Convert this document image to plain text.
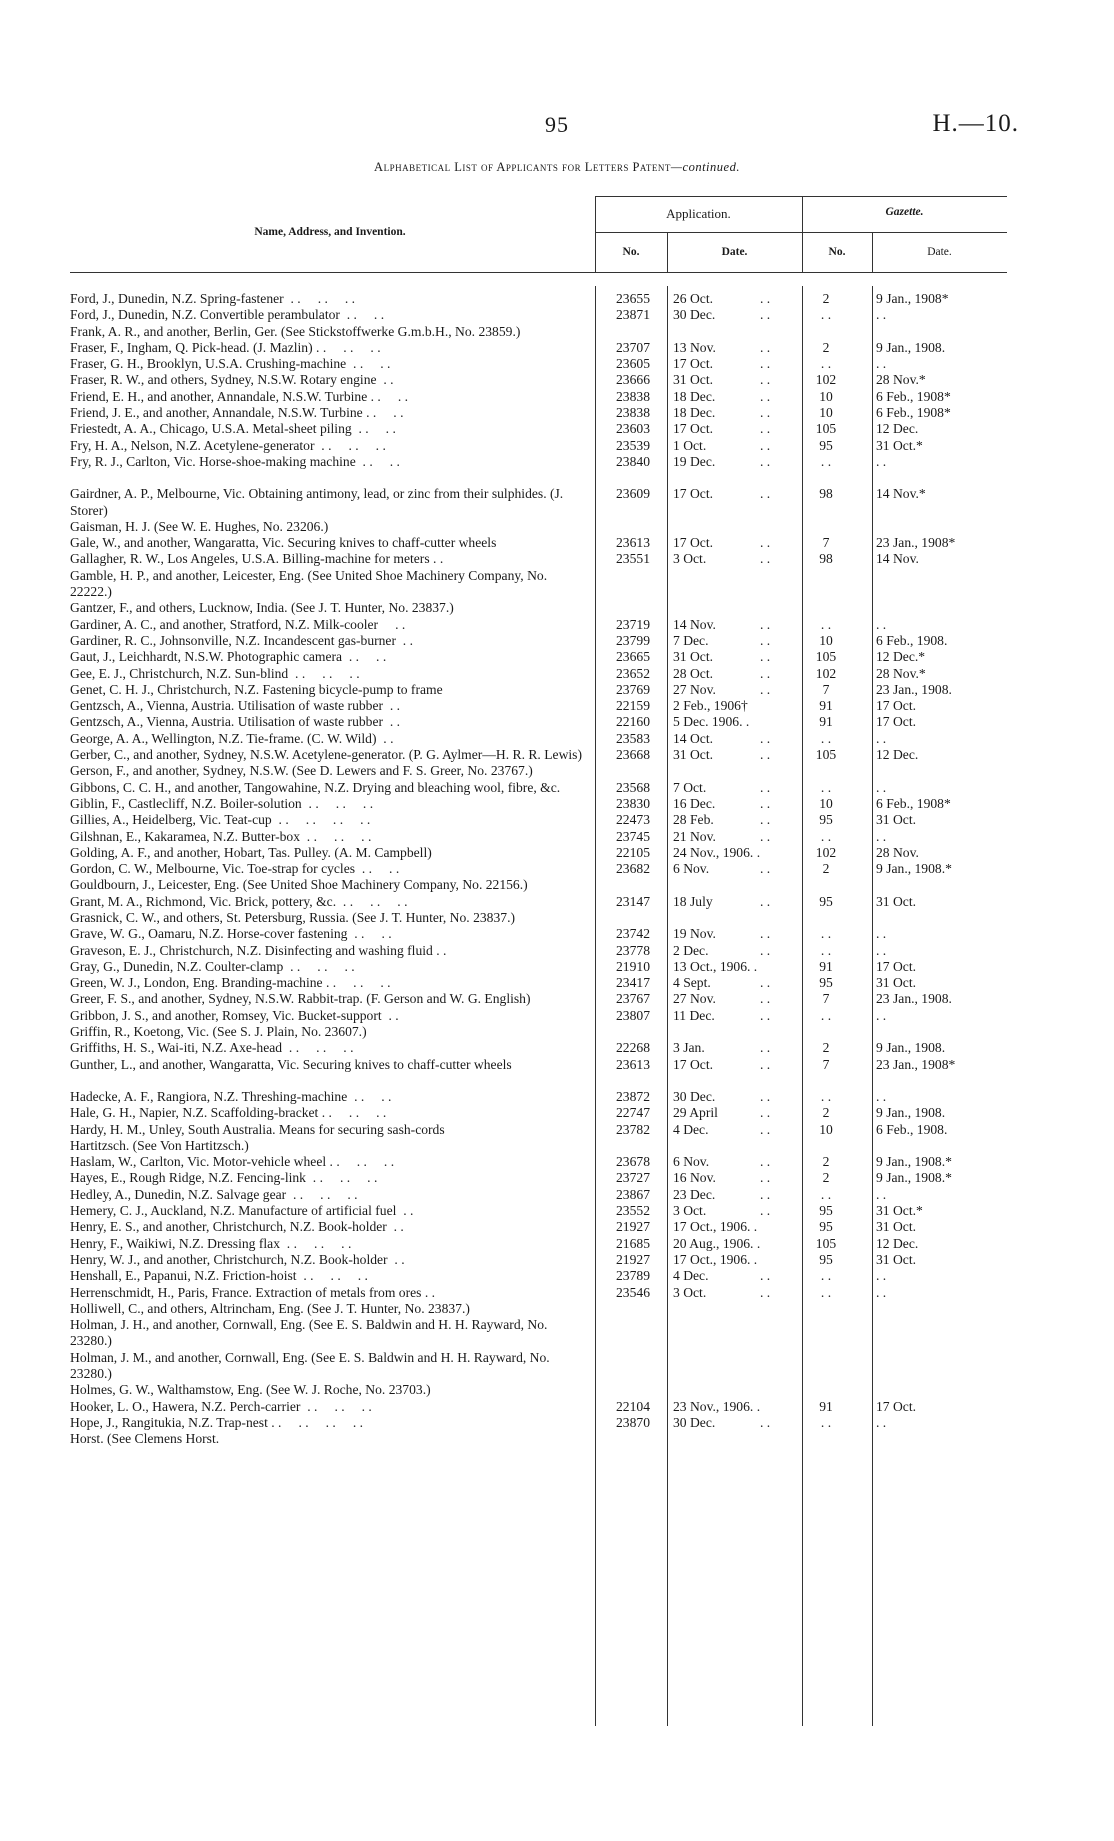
95	H.—10.
Alphabetical List of Applicants for Letters Patent—continued.
Name, Address, and Invention.
Application.	Gazette.
No.	Date.	No.	Date.
Ford, J., Dunedin, N.Z. Spring-fastener  . .     . .     . .	23655	26 Oct.	. .	2	9 Jan., 1908*
Ford, J., Dunedin, N.Z. Convertible perambulator  . .     . .	23871	30 Dec.	. .	. .	. .
Frank, A. R., and another, Berlin, Ger. (See Stickstoffwerke G.m.b.H., No. 23859.)
Fraser, F., Ingham, Q. Pick-head. (J. Mazlin) . .     . .     . .	23707	13 Nov.	. .	2	9 Jan., 1908.
Fraser, G. H., Brooklyn, U.S.A. Crushing-machine  . .     . .	23605	17 Oct.	. .	. .	. .
Fraser, R. W., and others, Sydney, N.S.W. Rotary engine  . .	23666	31 Oct.	. .	102	28 Nov.*
Friend, E. H., and another, Annandale, N.S.W. Turbine . .     . .	23838	18 Dec.	. .	10	6 Feb., 1908*
Friend, J. E., and another, Annandale, N.S.W. Turbine . .     . .	23838	18 Dec.	. .	10	6 Feb., 1908*
Friestedt, A. A., Chicago, U.S.A. Metal-sheet piling  . .     . .	23603	17 Oct.	. .	105	12 Dec.
Fry, H. A., Nelson, N.Z. Acetylene-generator  . .     . .     . .	23539	1 Oct.	. .	95	31 Oct.*
Fry, R. J., Carlton, Vic. Horse-shoe-making machine  . .     . .	23840	19 Dec.	. .	. .	. .
Gairdner, A. P., Melbourne, Vic. Obtaining antimony, lead, or zinc from their sulphides. (J. Storer)
23609	17 Oct.	. .	98	14 Nov.*
Gaisman, H. J. (See W. E. Hughes, No. 23206.)
Gale, W., and another, Wangaratta, Vic. Securing knives to chaff-cutter wheels	23613	17 Oct.	. .	7	23 Jan., 1908*
Gallagher, R. W., Los Angeles, U.S.A. Billing-machine for meters . .	23551	3 Oct.	. .	98	14 Nov.
Gamble, H. P., and another, Leicester, Eng. (See United Shoe Machinery Company, No. 22222.)
Gantzer, F., and others, Lucknow, India. (See J. T. Hunter, No. 23837.)
Gardiner, A. C., and another, Stratford, N.Z. Milk-cooler     . .	23719	14 Nov.	. .	. .	. .
Gardiner, R. C., Johnsonville, N.Z. Incandescent gas-burner  . .	23799	7 Dec.	. .	10	6 Feb., 1908.
Gaut, J., Leichhardt, N.S.W. Photographic camera  . .     . .	23665	31 Oct.	. .	105	12 Dec.*
Gee, E. J., Christchurch, N.Z. Sun-blind  . .     . .     . .	23652	28 Oct.	. .	102	28 Nov.*
Genet, C. H. J., Christchurch, N.Z. Fastening bicycle-pump to frame	23769	27 Nov.	. .	7	23 Jan., 1908.
Gentzsch, A., Vienna, Austria. Utilisation of waste rubber  . .	22159	2 Feb., 1906†	91	17 Oct.
Gentzsch, A., Vienna, Austria. Utilisation of waste rubber  . .	22160	5 Dec. 1906. .	91	17 Oct.
George, A. A., Wellington, N.Z. Tie-frame. (C. W. Wild)  . .	23583	14 Oct.	. .	. .	. .
Gerber, C., and another, Sydney, N.S.W. Acetylene-generator. (P. G. Aylmer—H. R. R. Lewis)	23668	31 Oct.	. .	105	12 Dec.
Gerson, F., and another, Sydney, N.S.W. (See D. Lewers and F. S. Greer, No. 23767.)
Gibbons, C. C. H., and another, Tangowahine, N.Z. Drying and bleaching wool, fibre, &c.	23568	7 Oct.	. .	. .	. .
Giblin, F., Castlecliff, N.Z. Boiler-solution  . .     . .     . .	23830	16 Dec.	. .	10	6 Feb., 1908*
Gillies, A., Heidelberg, Vic. Teat-cup  . .     . .     . .     . .	22473	28 Feb.	. .	95	31 Oct.
Gilshnan, E., Kakaramea, N.Z. Butter-box  . .     . .     . .	23745	21 Nov.	. .	. .	. .
Golding, A. F., and another, Hobart, Tas. Pulley. (A. M. Campbell)	22105	24 Nov., 1906. .	102	28 Nov.
Gordon, C. W., Melbourne, Vic. Toe-strap for cycles  . .     . .	23682	6 Nov.	. .	2	9 Jan., 1908.*
Gouldbourn, J., Leicester, Eng. (See United Shoe Machinery Company, No. 22156.)
Grant, M. A., Richmond, Vic. Brick, pottery, &c.  . .     . .     . .	23147	18 July	. .	95	31 Oct.
Grasnick, C. W., and others, St. Petersburg, Russia. (See J. T. Hunter, No. 23837.)
Grave, W. G., Oamaru, N.Z. Horse-cover fastening  . .     . .	23742	19 Nov.	. .	. .	. .
Graveson, E. J., Christchurch, N.Z. Disinfecting and washing fluid . .	23778	2 Dec.	. .	. .	. .
Gray, G., Dunedin, N.Z. Coulter-clamp  . .     . .     . .	21910	13 Oct., 1906. .	91	17 Oct.
Green, W. J., London, Eng. Branding-machine . .     . .     . .	23417	4 Sept.	. .	95	31 Oct.
Greer, F. S., and another, Sydney, N.S.W. Rabbit-trap. (F. Gerson and W. G. English)	23767	27 Nov.	. .	7	23 Jan., 1908.
Gribbon, J. S., and another, Romsey, Vic. Bucket-support  . .	23807	11 Dec.	. .	. .	. .
Griffin, R., Koetong, Vic. (See S. J. Plain, No. 23607.)
Griffiths, H. S., Wai-iti, N.Z. Axe-head  . .     . .     . .	22268	3 Jan.	. .	2	9 Jan., 1908.
Gunther, L., and another, Wangaratta, Vic. Securing knives to chaff-cutter wheels	23613	17 Oct.	. .	7	23 Jan., 1908*
Hadecke, A. F., Rangiora, N.Z. Threshing-machine  . .     . .	23872	30 Dec.	. .	. .	. .
Hale, G. H., Napier, N.Z. Scaffolding-bracket . .     . .     . .	22747	29 April	. .	2	9 Jan., 1908.
Hardy, H. M., Unley, South Australia. Means for securing sash-cords	23782	4 Dec.	. .	10	6 Feb., 1908.
Hartitzsch. (See Von Hartitzsch.)
Haslam, W., Carlton, Vic. Motor-vehicle wheel . .     . .     . .	23678	6 Nov.	. .	2	9 Jan., 1908.*
Hayes, E., Rough Ridge, N.Z. Fencing-link  . .     . .     . .	23727	16 Nov.	. .	2	9 Jan., 1908.*
Hedley, A., Dunedin, N.Z. Salvage gear  . .     . .     . .	23867	23 Dec.	. .	. .	. .
Hemery, C. J., Auckland, N.Z. Manufacture of artificial fuel  . .	23552	3 Oct.	. .	95	31 Oct.*
Henry, E. S., and another, Christchurch, N.Z. Book-holder  . .	21927	17 Oct., 1906. .	95	31 Oct.
Henry, F., Waikiwi, N.Z. Dressing flax  . .     . .     . .	21685	20 Aug., 1906. .	105	12 Dec.
Henry, W. J., and another, Christchurch, N.Z. Book-holder  . .	21927	17 Oct., 1906. .	95	31 Oct.
Henshall, E., Papanui, N.Z. Friction-hoist  . .     . .     . .	23789	4 Dec.	. .	. .	. .
Herrenschmidt, H., Paris, France. Extraction of metals from ores . .	23546	3 Oct.	. .	. .	. .
Holliwell, C., and others, Altrincham, Eng. (See J. T. Hunter, No. 23837.)
Holman, J. H., and another, Cornwall, Eng. (See E. S. Baldwin and H. H. Rayward, No. 23280.)
Holman, J. M., and another, Cornwall, Eng. (See E. S. Baldwin and H. H. Rayward, No. 23280.)
Holmes, G. W., Walthamstow, Eng. (See W. J. Roche, No. 23703.)
Hooker, L. O., Hawera, N.Z. Perch-carrier  . .     . .     . .	22104	23 Nov., 1906. .	91	17 Oct.
Hope, J., Rangitukia, N.Z. Trap-nest . .     . .     . .     . .	23870	30 Dec.	. .	. .	. .
Horst. (See Clemens Horst.
